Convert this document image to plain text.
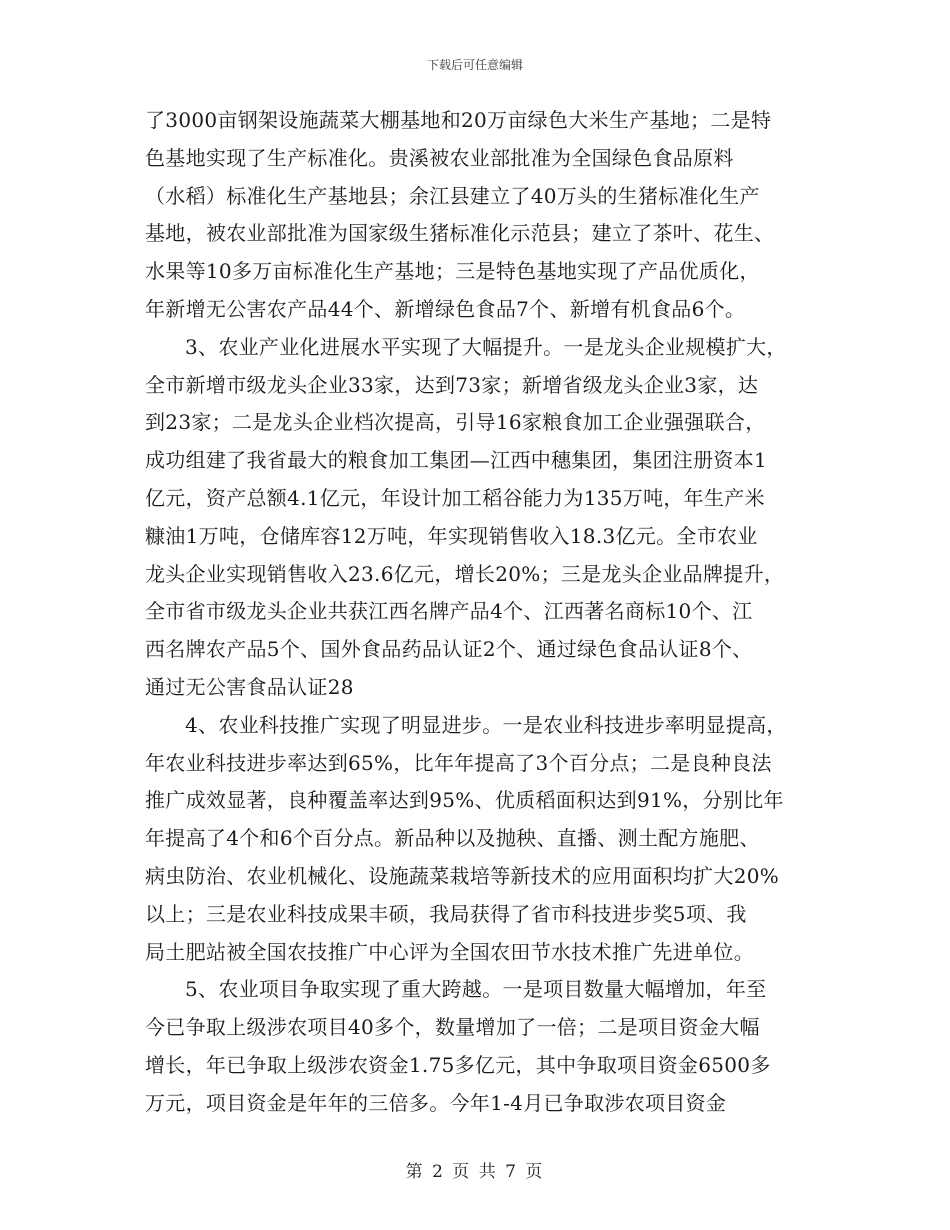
下载后可任意编辑
了3000亩钢架设施蔬菜大棚基地和20万亩绿色大米生产基地；二是特
色基地实现了生产标准化。贵溪被农业部批准为全国绿色食品原料
（水稻）标准化生产基地县；余江县建立了40万头的生猪标准化生产
基地，被农业部批准为国家级生猪标准化示范县；建立了茶叶、花生、
水果等10多万亩标准化生产基地；三是特色基地实现了产品优质化，
年新增无公害农产品44个、新增绿色食品7个、新增有机食品6个。
3、农业产业化进展水平实现了大幅提升。一是龙头企业规模扩大，
全市新增市级龙头企业33家，达到73家；新增省级龙头企业3家，达
到23家；二是龙头企业档次提高，引导16家粮食加工企业强强联合，
成功组建了我省最大的粮食加工集团—江西中穗集团，集团注册资本1
亿元，资产总额4.1亿元，年设计加工稻谷能力为135万吨，年生产米
糠油1万吨，仓储库容12万吨，年实现销售收入18.3亿元。全市农业
龙头企业实现销售收入23.6亿元，增长20%；三是龙头企业品牌提升，
全市省市级龙头企业共获江西名牌产品4个、江西著名商标10个、江
西名牌农产品5个、国外食品药品认证2个、通过绿色食品认证8个、
通过无公害食品认证28
4、农业科技推广实现了明显进步。一是农业科技进步率明显提高，
年农业科技进步率达到65%，比年年提高了3个百分点；二是良种良法
推广成效显著，良种覆盖率达到95%、优质稻面积达到91%，分别比年
年提高了4个和6个百分点。新品种以及抛秧、直播、测土配方施肥、
病虫防治、农业机械化、设施蔬菜栽培等新技术的应用面积均扩大20%
以上；三是农业科技成果丰硕，我局获得了省市科技进步奖5项、我
局土肥站被全国农技推广中心评为全国农田节水技术推广先进单位。
5、农业项目争取实现了重大跨越。一是项目数量大幅增加，年至
今已争取上级涉农项目40多个，数量增加了一倍；二是项目资金大幅
增长，年已争取上级涉农资金1.75多亿元，其中争取项目资金6500多
万元，项目资金是年年的三倍多。今年1-4月已争取涉农项目资金
第 2 页 共 7 页
